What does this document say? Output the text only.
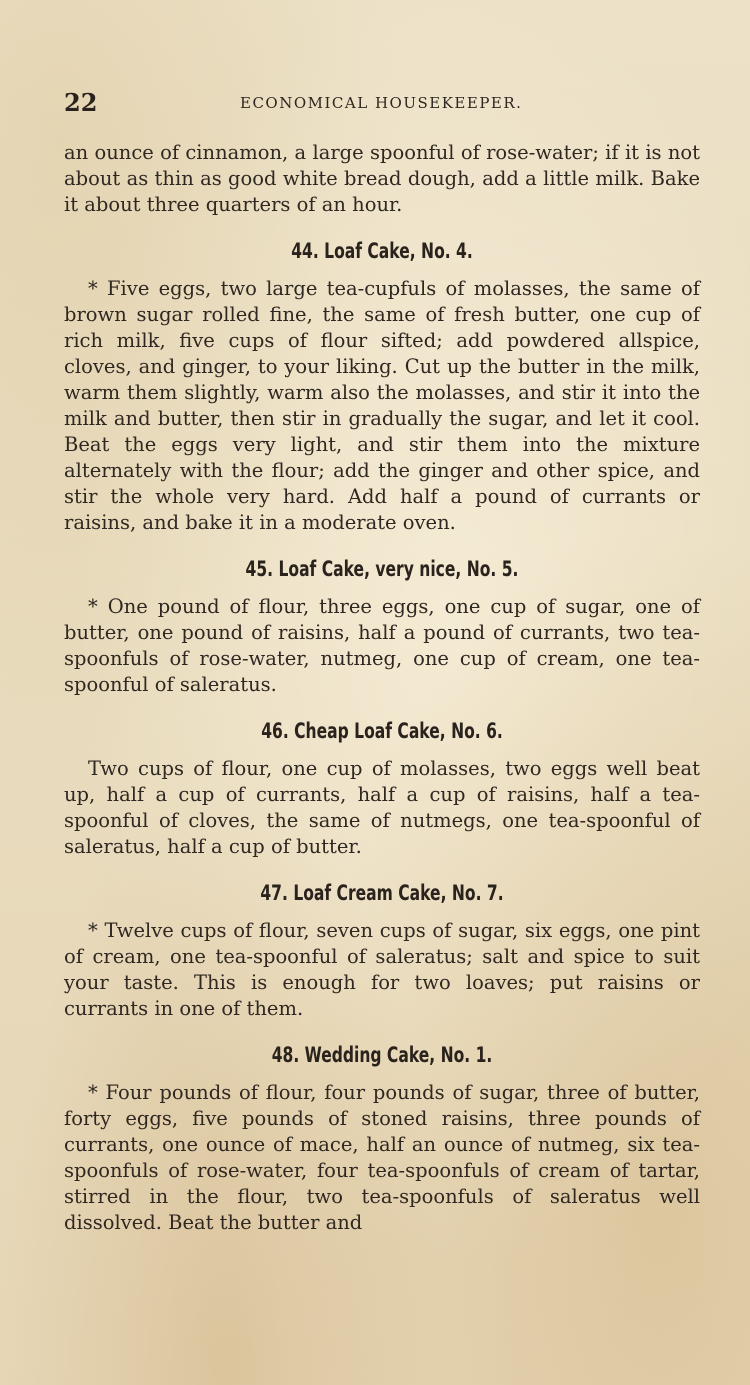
22	ECONOMICAL HOUSEKEEPER.

an ounce of cinnamon, a large spoonful of rose-water; if it is not about as thin as good white bread dough, add a little milk. Bake it about three quarters of an hour.

44. Loaf Cake, No. 4.

* Five eggs, two large tea-cupfuls of molasses, the same of brown sugar rolled fine, the same of fresh butter, one cup of rich milk, five cups of flour sifted; add powdered allspice, cloves, and ginger, to your liking. Cut up the butter in the milk, warm them slightly, warm also the molasses, and stir it into the milk and butter, then stir in gradually the sugar, and let it cool. Beat the eggs very light, and stir them into the mixture alternately with the flour; add the ginger and other spice, and stir the whole very hard. Add half a pound of currants or raisins, and bake it in a moderate oven.

45. Loaf Cake, very nice, No. 5.

* One pound of flour, three eggs, one cup of sugar, one of butter, one pound of raisins, half a pound of currants, two tea-spoonfuls of rose-water, nutmeg, one cup of cream, one tea-spoonful of saleratus.

46. Cheap Loaf Cake, No. 6.

Two cups of flour, one cup of molasses, two eggs well beat up, half a cup of currants, half a cup of raisins, half a tea-spoonful of cloves, the same of nutmegs, one tea-spoonful of saleratus, half a cup of butter.

47. Loaf Cream Cake, No. 7.

* Twelve cups of flour, seven cups of sugar, six eggs, one pint of cream, one tea-spoonful of saleratus; salt and spice to suit your taste. This is enough for two loaves; put raisins or currants in one of them.

48. Wedding Cake, No. 1.

* Four pounds of flour, four pounds of sugar, three of butter, forty eggs, five pounds of stoned raisins, three pounds of currants, one ounce of mace, half an ounce of nutmeg, six tea-spoonfuls of rose-water, four tea-spoonfuls of cream of tartar, stirred in the flour, two tea-spoonfuls of saleratus well dissolved. Beat the butter and
